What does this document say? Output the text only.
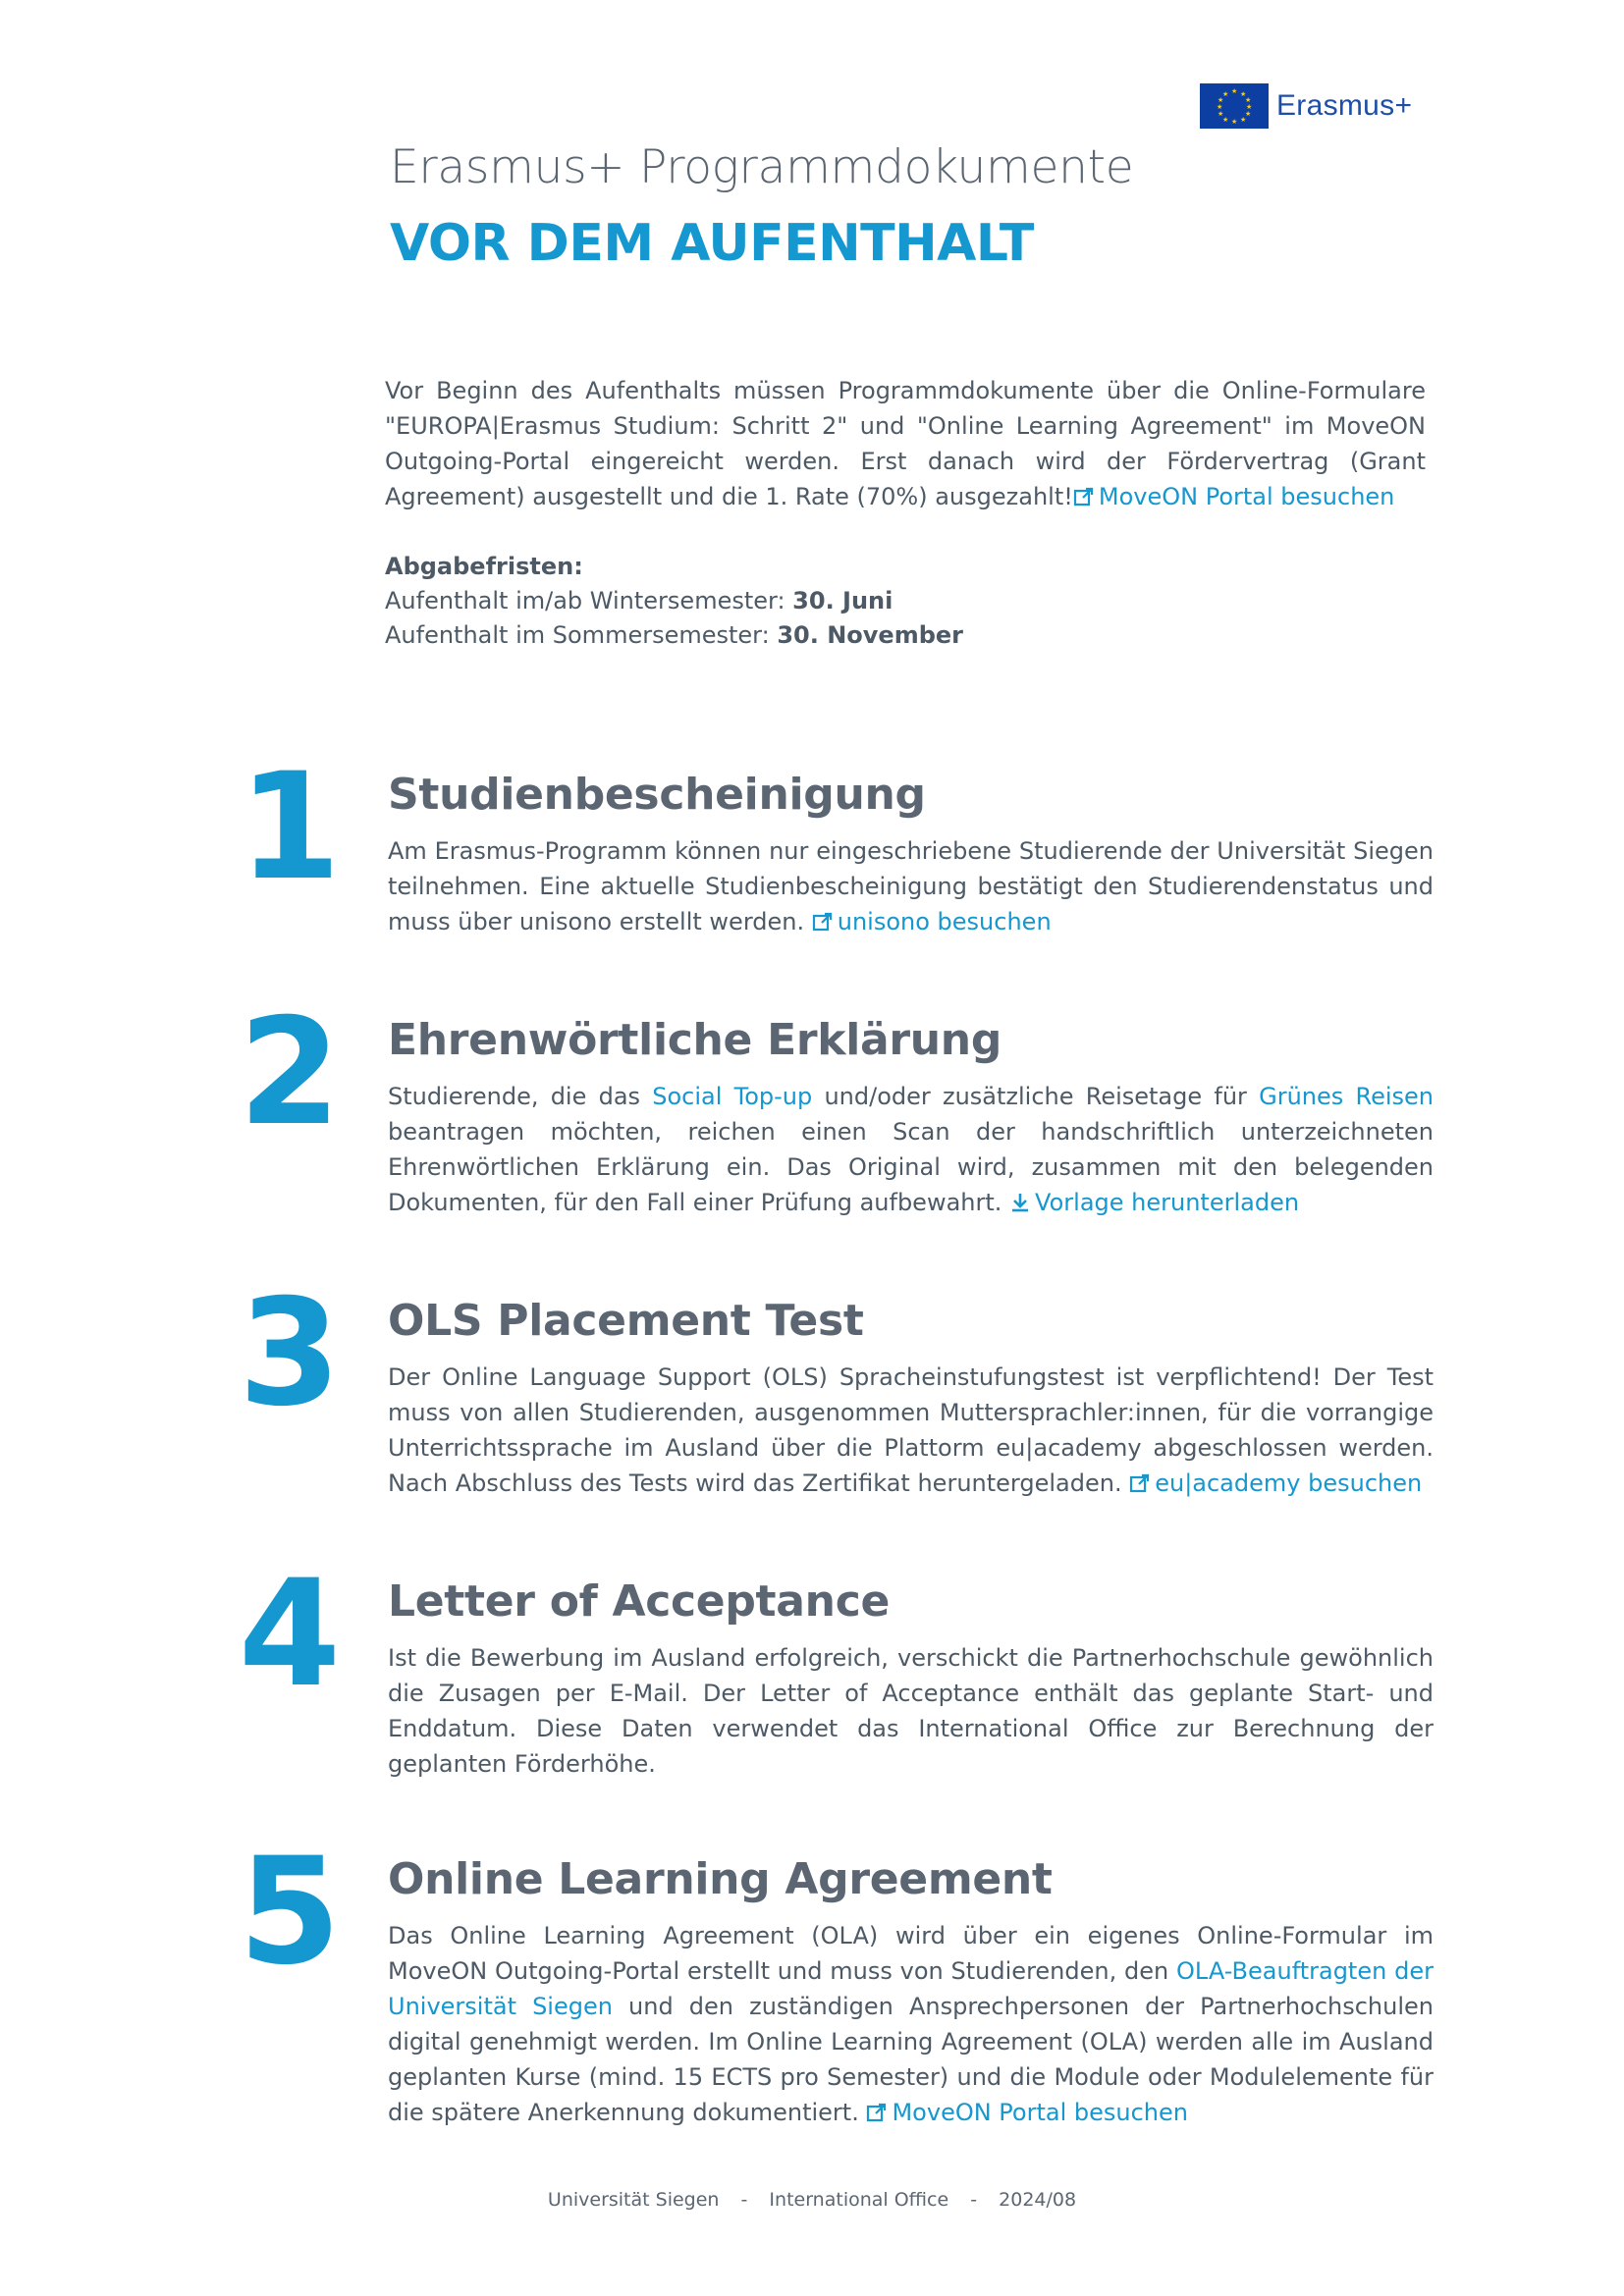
★ ★
★
★
★
★
★
★
★
★
★
★ Erasmus+
Erasmus+ Programmdokumente
VOR DEM AUFENTHALT

Vor Beginn des Aufenthalts müssen Programmdokumente über die Online-Formulare "EUROPA|Erasmus Studium: Schritt 2" und "Online Learning Agreement" im MoveON Outgoing-Portal eingereicht werden. Erst danach wird der Fördervertrag (Grant Agreement) ausgestellt und die 1. Rate (70%) ausgezahlt! MoveON Portal besuchen

Abgabefristen:
Aufenthalt im/ab Wintersemester: 30. Juni
Aufenthalt im Sommersemester: 30. November
1 Studienbescheinigung

Am Erasmus-Programm können nur eingeschriebene Studierende der Universität Siegen teilnehmen. Eine aktuelle Studienbescheinigung bestätigt den Studierendenstatus und muss über unisono erstellt werden. unisono besuchen

2 Ehrenwörtliche Erklärung

Studierende, die das Social Top-up und/oder zusätzliche Reisetage für Grünes Reisen beantragen möchten, reichen einen Scan der handschriftlich unterzeichneten Ehrenwörtlichen Erklärung ein. Das Original wird, zusammen mit den belegenden Dokumenten, für den Fall einer Prüfung aufbewahrt. Vorlage herunterladen

3 OLS Placement Test

Der Online Language Support (OLS) Spracheinstufungstest ist verpflichtend! Der Test muss von allen Studierenden, ausgenommen Muttersprachler:innen, für die vorrangige Unterrichtssprache im Ausland über die Plattorm eu|academy abgeschlossen werden. Nach Abschluss des Tests wird das Zertifikat heruntergeladen. eu|academy besuchen

4 Letter of Acceptance

Ist die Bewerbung im Ausland erfolgreich, verschickt die Partnerhochschule gewöhnlich die Zusagen per E-Mail. Der Letter of Acceptance enthält das geplante Start- und Enddatum. Diese Daten verwendet das International Office zur Berechnung der geplanten Förderhöhe.

5 Online Learning Agreement

Das Online Learning Agreement (OLA) wird über ein eigenes Online-Formular im MoveON Outgoing-Portal erstellt und muss von Studierenden, den OLA-Beauftragten der Universität Siegen und den zuständigen Ansprechpersonen der Partnerhochschulen digital genehmigt werden. Im Online Learning Agreement (OLA) werden alle im Ausland geplanten Kurse (mind. 15 ECTS pro Semester) und die Module oder Modulelemente für die spätere Anerkennung dokumentiert. MoveON Portal besuchen

Universität Siegen - International Office - 2024/08
